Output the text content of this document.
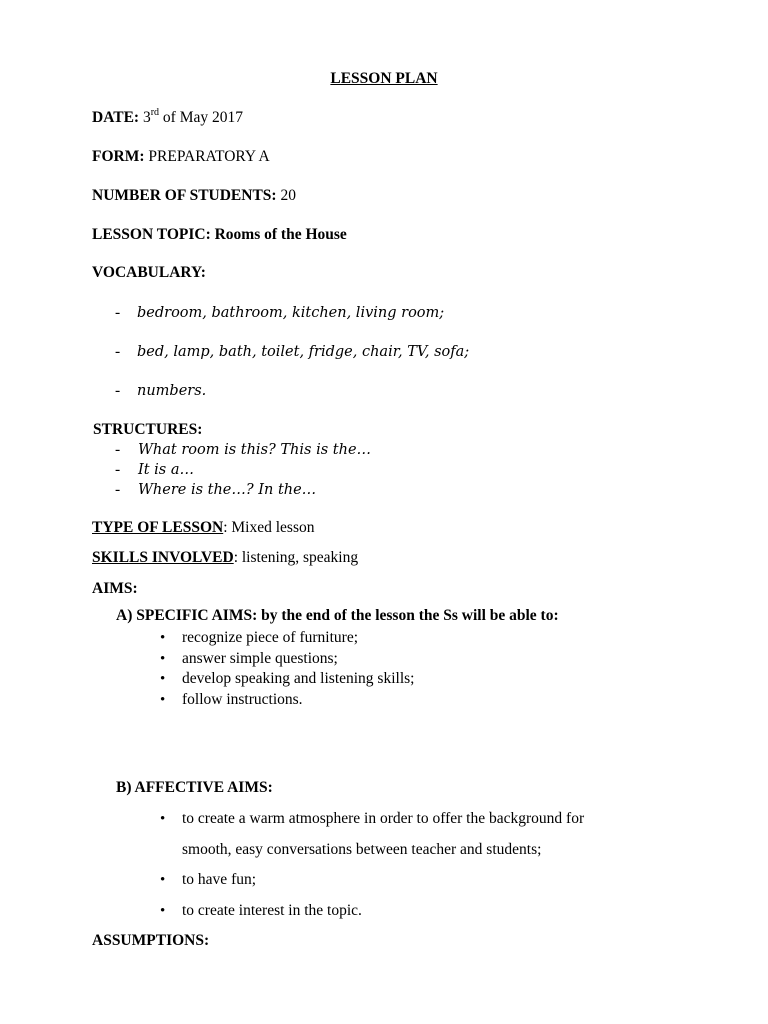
LESSON PLAN
DATE: 3rd of May 2017
FORM: PREPARATORY A
NUMBER OF STUDENTS: 20
LESSON TOPIC: Rooms of the House
VOCABULARY:
-	bedroom, bathroom, kitchen, living room;
-	bed, lamp, bath, toilet, fridge, chair, TV, sofa;
-	numbers.
STRUCTURES:
-	What room is this? This is the…
-	It is a…
-	Where is the…? In the…
TYPE OF LESSON: Mixed lesson
SKILLS INVOLVED: listening, speaking
AIMS:
A) SPECIFIC AIMS: by the end of the lesson the Ss will be able to:
•recognize piece of furniture;
•answer simple questions;
•develop speaking and listening skills;
•follow instructions.
B) AFFECTIVE AIMS:
•to create a warm atmosphere in order to offer the background for
smooth, easy conversations between teacher and students;
•to have fun;
•to create interest in the topic.
ASSUMPTIONS:
